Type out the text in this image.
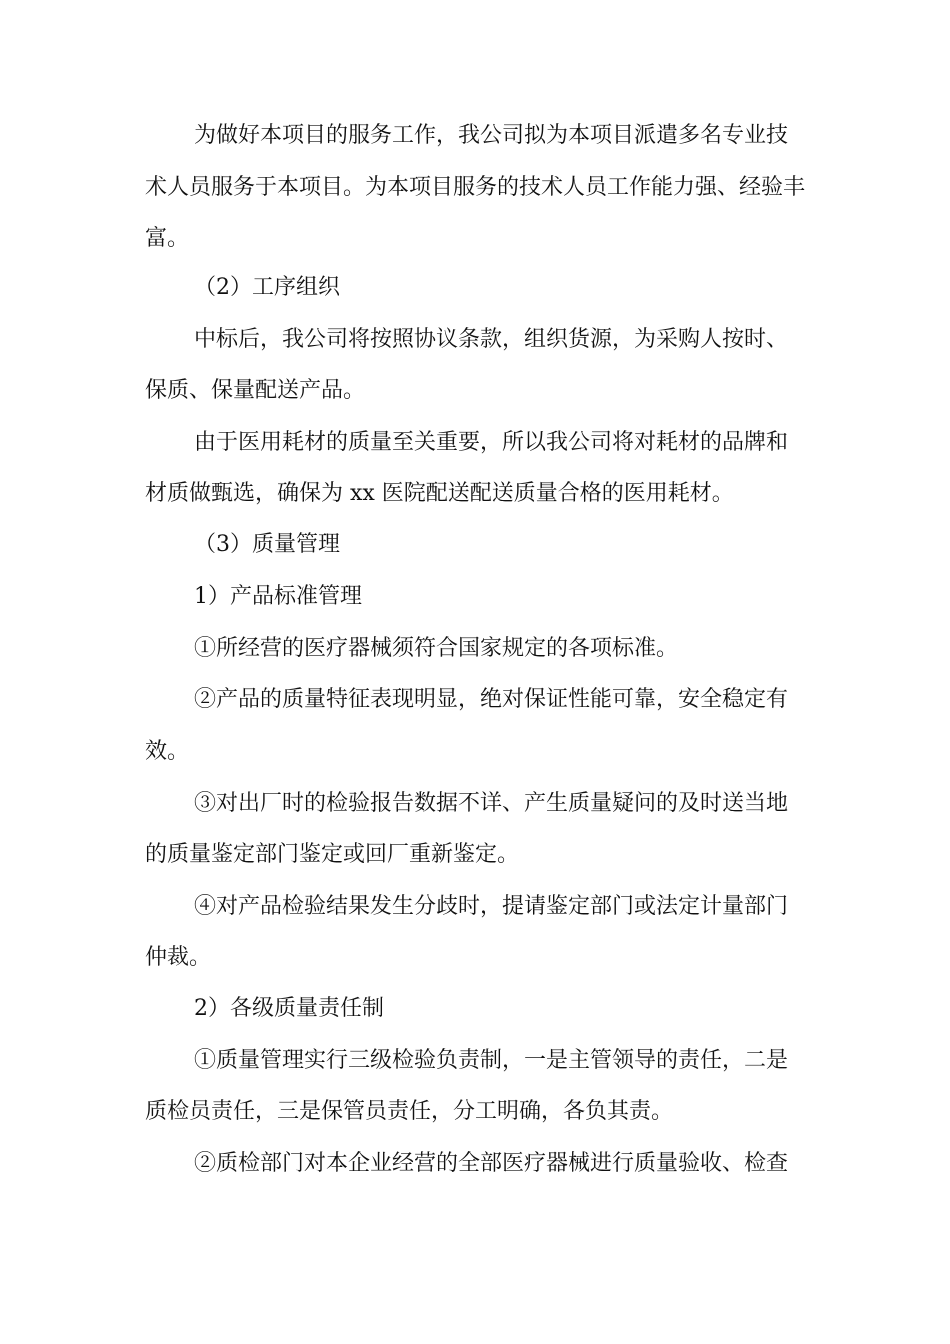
为做好本项目的服务工作，我公司拟为本项目派遣多名专业技
术人员服务于本项目。为本项目服务的技术人员工作能力强、经验丰
富。
（2）工序组织
中标后，我公司将按照协议条款，组织货源，为采购人按时、
保质、保量配送产品。
由于医用耗材的质量至关重要，所以我公司将对耗材的品牌和
材质做甄选，确保为 xx 医院配送配送质量合格的医用耗材。
（3）质量管理
1）产品标准管理
①所经营的医疗器械须符合国家规定的各项标准。
②产品的质量特征表现明显，绝对保证性能可靠，安全稳定有
效。
③对出厂时的检验报告数据不详、产生质量疑问的及时送当地
的质量鉴定部门鉴定或回厂重新鉴定。
④对产品检验结果发生分歧时，提请鉴定部门或法定计量部门
仲裁。
2）各级质量责任制
①质量管理实行三级检验负责制，一是主管领导的责任，二是
质检员责任，三是保管员责任，分工明确，各负其责。
②质检部门对本企业经营的全部医疗器械进行质量验收、检查
